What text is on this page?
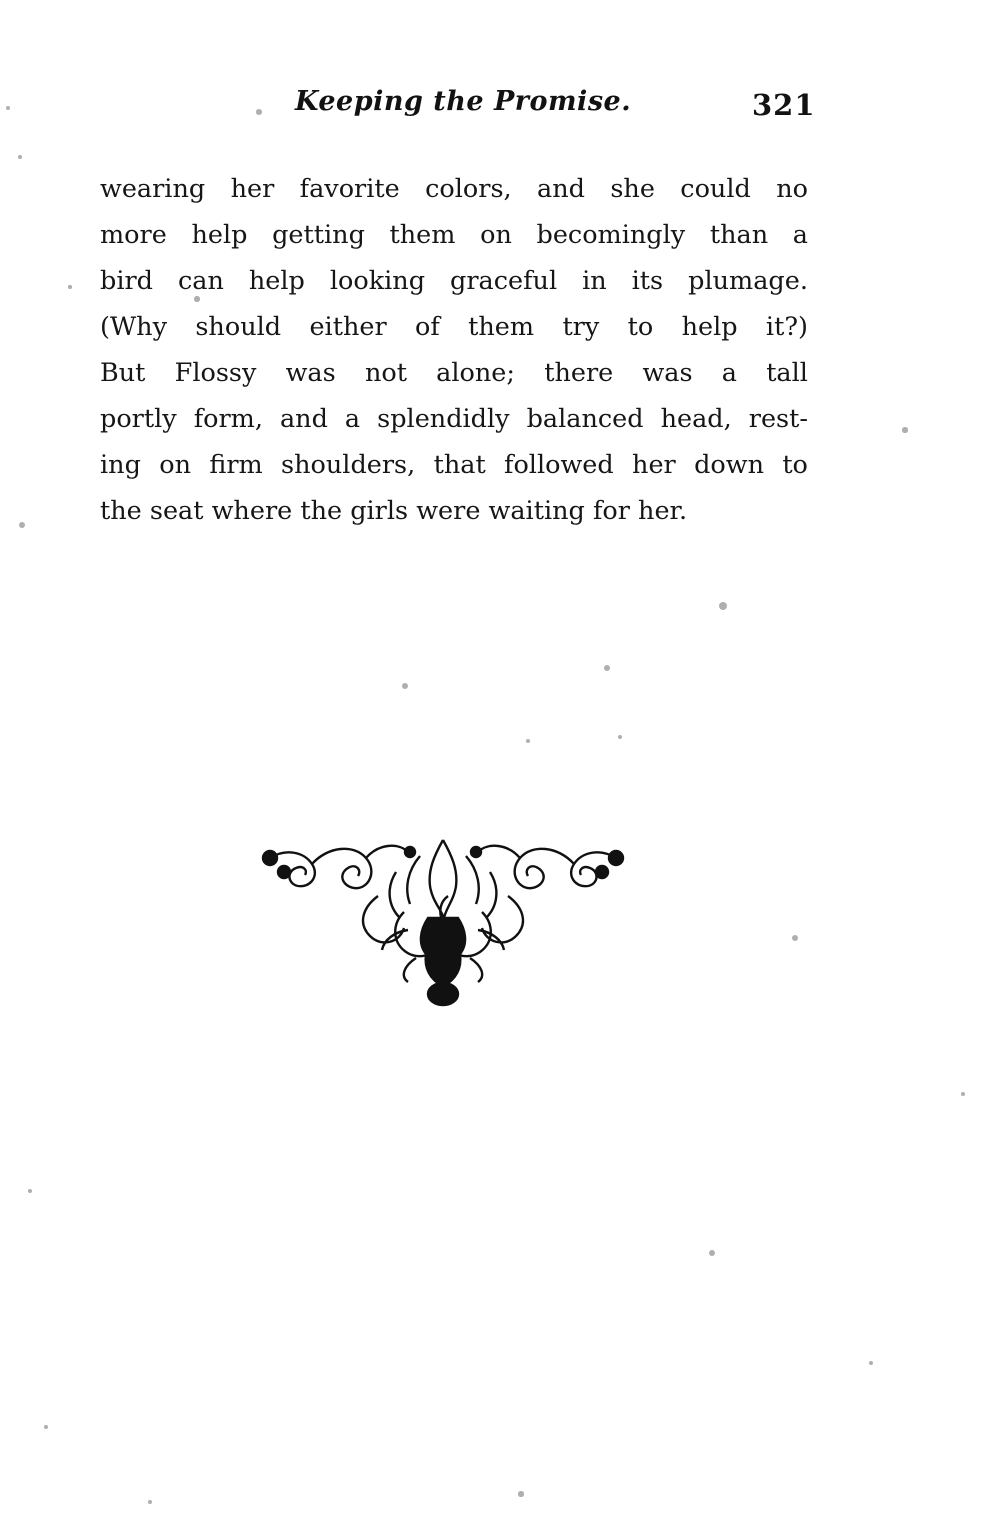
Keeping the Promise.	321
wearing her favorite colors, and she could no
more help getting them on becomingly than a
bird can help looking graceful in its plumage.
(Why should either of them try to help it?)
But Flossy was not alone; there was a tall
portly form, and a splendidly balanced head, rest-
ing on firm shoulders, that followed her down to
the seat where the girls were waiting for her.
